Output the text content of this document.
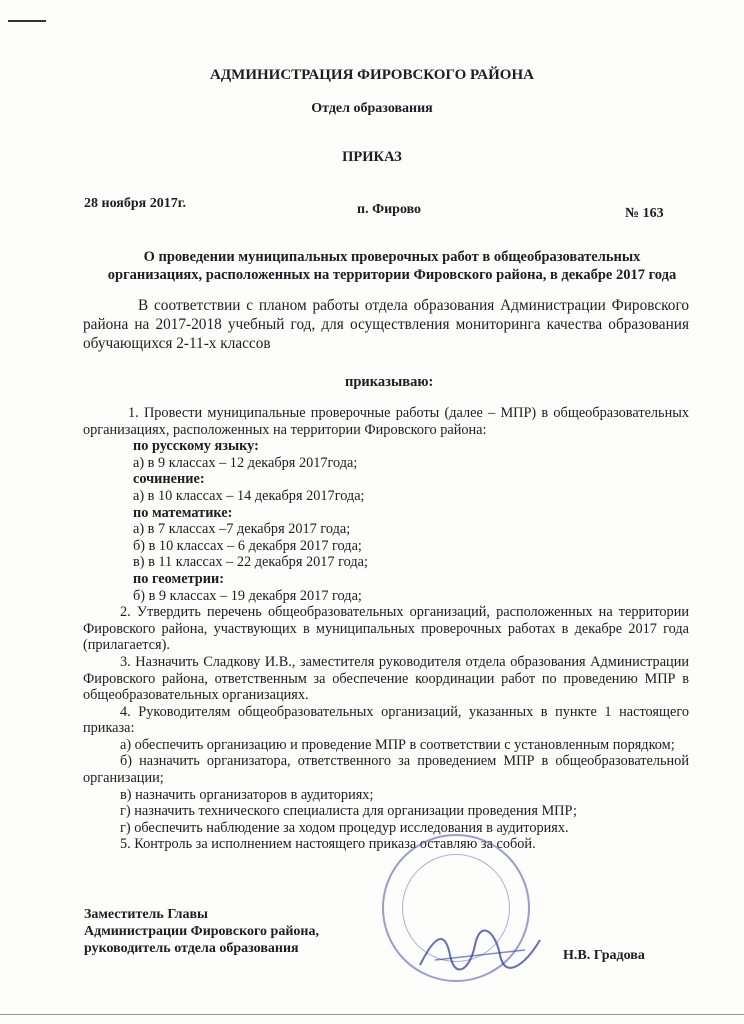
АДМИНИСТРАЦИЯ ФИРОВСКОГО РАЙОНА
Отдел образования
ПРИКАЗ
28 ноября 2017г.	п. Фирово	№ 163
О проведении муниципальных проверочных работ в общеобразовательных организациях, расположенных на территории Фировского района, в декабре 2017 года
В соответствии с планом работы отдела образования Администрации Фировского района на 2017-2018 учебный год, для осуществления мониторинга качества образования обучающихся 2-11-х классов
приказываю:

1. Провести муниципальные проверочные работы (далее – МПР) в общеобразовательных организациях, расположенных на территории Фировского района:

по русскому языку:

а) в 9 классах – 12 декабря 2017года;

сочинение:

а) в 10 классах – 14 декабря 2017года;

по математике:

а) в 7 классах –7 декабря 2017 года;

б) в 10 классах – 6 декабря 2017 года;

в) в 11 классах – 22 декабря 2017 года;

по геометрии:

б) в 9 классах – 19 декабря 2017 года;

2. Утвердить перечень общеобразовательных организаций, расположенных на территории Фировского района, участвующих в муниципальных проверочных работах в декабре 2017 года (прилагается).

3. Назначить Сладкову И.В., заместителя руководителя отдела образования Администрации Фировского района, ответственным за обеспечение координации работ по проведению МПР в общеобразовательных организациях.

4. Руководителям общеобразовательных организаций, указанных в пункте 1 настоящего приказа:

а) обеспечить организацию и проведение МПР в соответствии с установленным порядком;

б) назначить организатора, ответственного за проведением МПР в общеобразовательной организации;

в) назначить организаторов в аудиториях;

г) назначить технического специалиста для организации проведения МПР;

г) обеспечить наблюдение за ходом процедур исследования в аудиториях.

5. Контроль за исполнением настоящего приказа оставляю за собой.

Заместитель Главы
Администрации Фировского района,
руководитель отдела образования	Н.В. Градова
